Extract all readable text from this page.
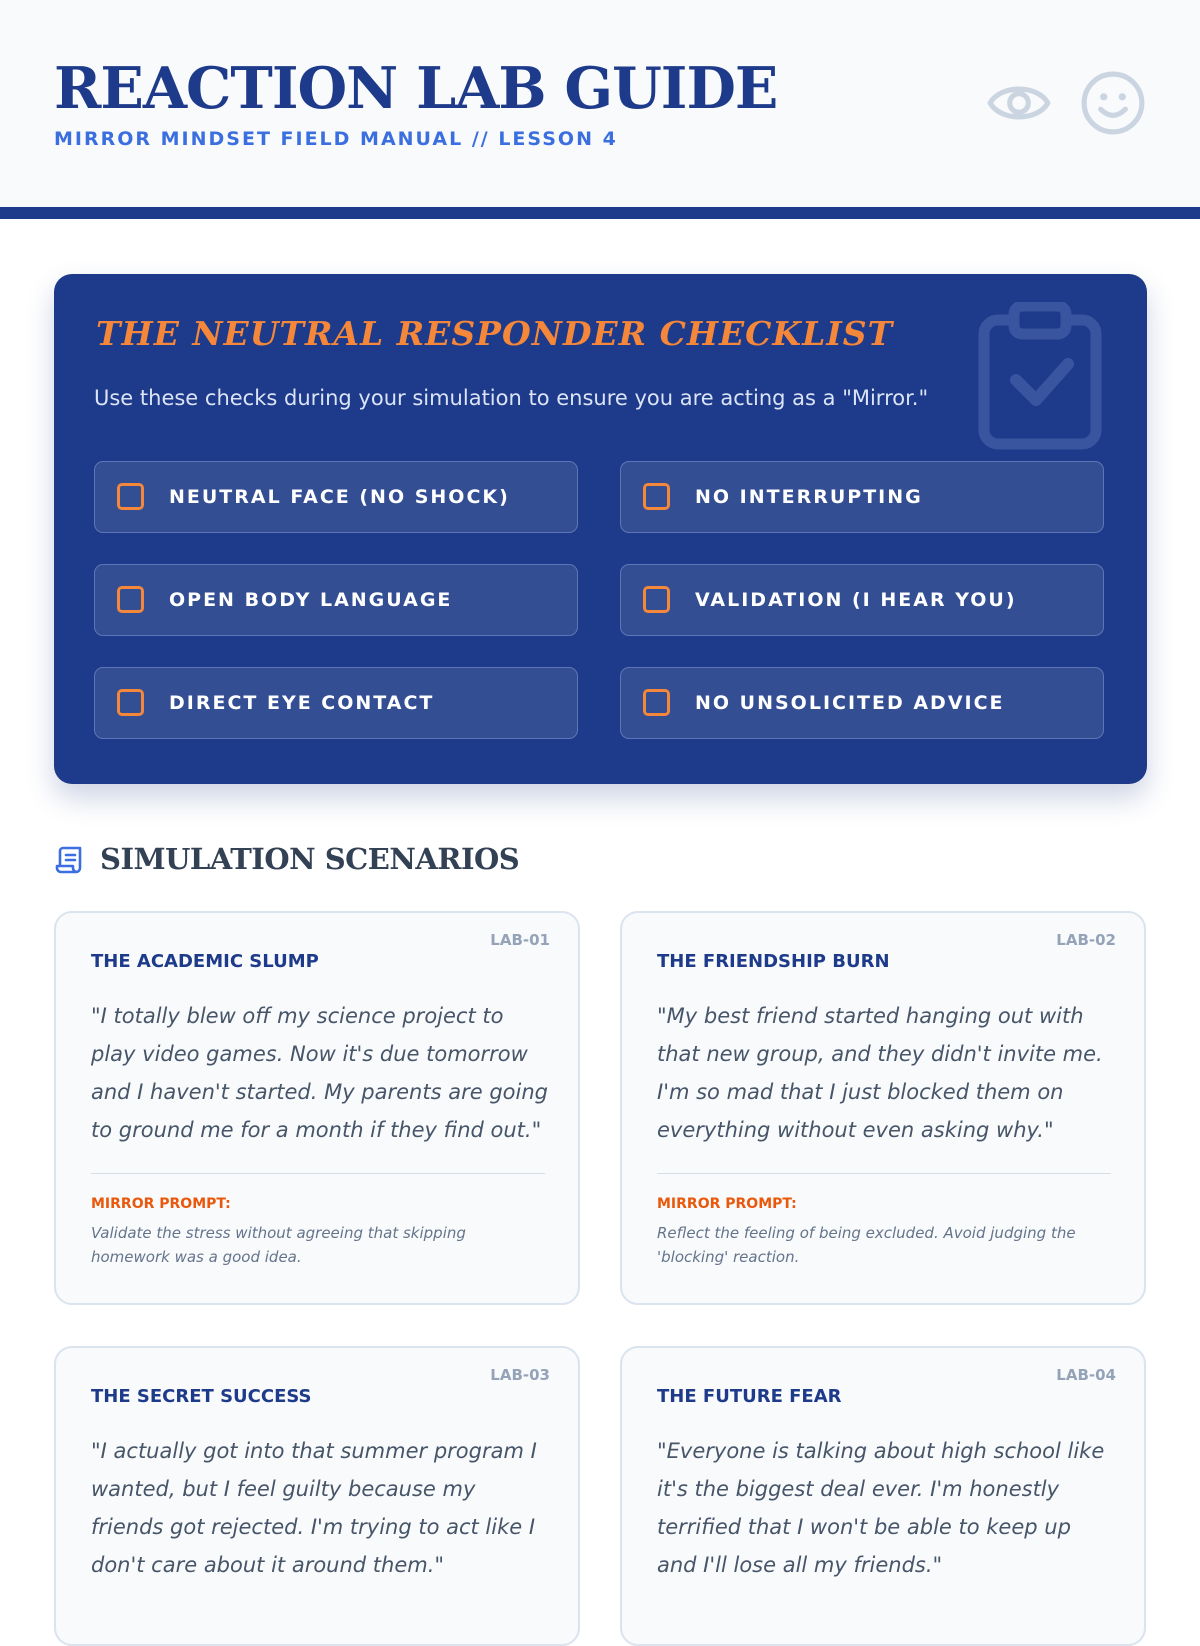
REACTION LAB GUIDE
MIRROR MINDSET FIELD MANUAL // LESSON 4
THE NEUTRAL RESPONDER CHECKLIST
Use these checks during your simulation to ensure you are acting as a "Mirror."
NEUTRAL FACE (NO SHOCK)	NO INTERRUPTING
OPEN BODY LANGUAGE	VALIDATION (I HEAR YOU)
DIRECT EYE CONTACT	NO UNSOLICITED ADVICE
SIMULATION SCENARIOS
LAB-01
THE ACADEMIC SLUMP

"I totally blew off my science project to play video games. Now it's due tomorrow and I haven't started. My parents are going to ground me for a month if they find out."

MIRROR PROMPT:
Validate the stress without agreeing that skipping homework was a good idea.
LAB-02
THE FRIENDSHIP BURN

"My best friend started hanging out with that new group, and they didn't invite me. I'm so mad that I just blocked them on everything without even asking why."

MIRROR PROMPT:
Reflect the feeling of being excluded. Avoid judging the 'blocking' reaction.
LAB-03
THE SECRET SUCCESS

"I actually got into that summer program I wanted, but I feel guilty because my friends got rejected. I'm trying to act like I don't care about it around them."

LAB-04
THE FUTURE FEAR

"Everyone is talking about high school like it's the biggest deal ever. I'm honestly terrified that I won't be able to keep up and I'll lose all my friends."
